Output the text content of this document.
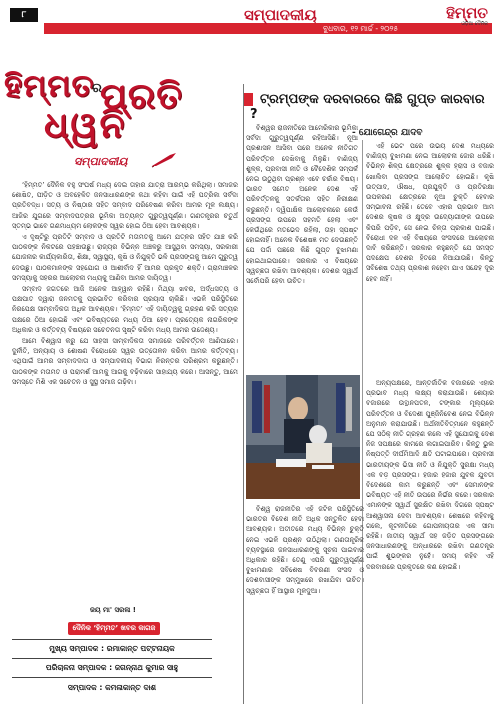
୮	ସମ୍ପାଦକୀୟ
ବୁଧବାର, ୧୨ ମାର୍ଚ୍ଚ - ୨୦୨୫
ହିମ୍ମତ
ଓଡ଼ିଆ ଦୈନିକ
ହିମ୍ମତ
ର
ପ୍ରତି
ଧ୍ୱନି
ସମ୍ପାଦକୀୟ

‘ହିମ୍ମତ’ ଦୈନିକ ବହୁ ସଂଘର୍ଷ ମଧ୍ୟ ଦେଇ ତାହାର ଯାତ୍ରା ଆରମ୍ଭ କରିଥିଲା। ସମାଜର ଶୋଷିତ, ପୀଡ଼ିତ ଓ ଅବହେଳିତ ଜନସାଧାରଣଙ୍କ କଥା କହିବା ପାଇଁ ଏହି ପତ୍ରିକା ସର୍ବଦା ପ୍ରତିବଦ୍ଧ। ସତ୍ୟ ଓ ନିଷ୍ଠାର ସହିତ ସମ୍ବାଦ ପରିବେଷଣ କରିବା ଆମର ମୂଳ ଲକ୍ଷ୍ୟ। ଆଜିର ଯୁଗରେ ସମ୍ବାଦପତ୍ରର ଭୂମିକା ଅତ୍ୟନ୍ତ ଗୁରୁତ୍ୱପୂର୍ଣ୍ଣ। ଗଣତନ୍ତ୍ରର ଚତୁର୍ଥ ସ୍ତମ୍ଭ ଭାବେ ଗଣମାଧ୍ୟମ ଲୋକଙ୍କ ସ୍ୱର ହୋଇ ଠିଆ ହେବା ଆବଶ୍ୟକ।

ଏ ଦୃଷ୍ଟିରୁ ପ୍ରତିଟି ସମ୍ବାଦ ଓ ପ୍ରତିଟି ମତାମତକୁ ଆମେ ଯତ୍ନର ସହିତ ଯାଞ୍ଚ କରି ପାଠକଙ୍କ ନିକଟରେ ପହଞ୍ଚାଉଛୁ। ରାଜ୍ୟର ବିଭିନ୍ନ ଅଞ୍ଚଳରୁ ଆସୁଥିବା ସମସ୍ୟା, ସରକାରୀ ଯୋଜନାର କାର୍ଯ୍ୟକାରିତା, ଶିକ୍ଷା, ସ୍ୱାସ୍ଥ୍ୟ, କୃଷି ଓ ନିଯୁକ୍ତି ଭଳି ପ୍ରସଙ୍ଗକୁ ଆମେ ଗୁରୁତ୍ୱ ଦେଉଛୁ। ପାଠକମାନଙ୍କ ସହଯୋଗ ଓ ଆଶୀର୍ବାଦ ହିଁ ଆମର ପ୍ରକୃତ ଶକ୍ତି। ଗ୍ରାମାଞ୍ଚଳର ସମସ୍ୟାକୁ ସହରର ଆଲୋଚନା ମଧ୍ୟକୁ ଆଣିବା ଆମର ଦାୟିତ୍ୱ।

ସମ୍ବାଦ ଜଗତରେ ଆଜି ଅନେକ ଆହ୍ୱାନ ରହିଛି। ମିଥ୍ୟା ଖବର, ଅର୍ଦ୍ଧସତ୍ୟ ଓ ପକ୍ଷପାତ ଦ୍ୱାରା ଜନମତକୁ ପ୍ରଭାବିତ କରିବାର ପ୍ରୟାସ ଚାଲିଛି। ଏଭଳି ପରିସ୍ଥିତିରେ ନିରପେକ୍ଷ ସାମ୍ବାଦିକତା ଅଧିକ ଆବଶ୍ୟକ। ‘ହିମ୍ମତ’ ଏହି ଦାୟିତ୍ୱକୁ ଗ୍ରହଣ କରି ସତ୍ୟର ପକ୍ଷରେ ଠିଆ ହୋଇଛି ଏବଂ ଭବିଷ୍ୟତରେ ମଧ୍ୟ ଠିଆ ହେବ। ପ୍ରତ୍ୟେକ ନାଗରିକଙ୍କ ଅଧିକାର ଓ କର୍ତ୍ତବ୍ୟ ବିଷୟରେ ସଚେତନତା ସୃଷ୍ଟି କରିବା ମଧ୍ୟ ଆମର ଉଦ୍ଦେଶ୍ୟ।

ଆମେ ବିଶ୍ୱାସ କରୁ ଯେ ସାହସୀ ସାମ୍ବାଦିକତା ସମାଜରେ ପରିବର୍ତ୍ତନ ଆଣିପାରେ। ଦୁର୍ନୀତି, ଅନ୍ୟାୟ ଓ ଶୋଷଣ ବିରୋଧରେ ସ୍ୱର ଉତ୍ତୋଳନ କରିବା ଆମର କର୍ତ୍ତବ୍ୟ। ଏଥିପାଇଁ ଆମର ସମ୍ବାଦଦାତା ଓ ସମ୍ପାଦକୀୟ ବିଭାଗ ନିରନ୍ତର ପରିଶ୍ରମ କରୁଛନ୍ତି। ପାଠକଙ୍କ ମତାମତ ଓ ପରାମର୍ଶ ଆମକୁ ଆଗକୁ ବଢ଼ିବାରେ ସାହାଯ୍ୟ କରେ। ଆସନ୍ତୁ, ଆମେ ସମସ୍ତେ ମିଶି ଏକ ସଚେତନ ଓ ସୁସ୍ଥ ସମାଜ ଗଢ଼ିବା।

ଜୟ ମା' ସରଳା !
ଦୈନିକ ‘ହିମ୍ମତ’ ଖବର କାଗଜ
ମୁଖ୍ୟ ସମ୍ପାଦକ : ରମାକାନ୍ତ ପଟ୍ଟନାୟକ
ପରିଚାଳନା ସମ୍ପାଦକ : ଜଗନ୍ନାଥ କୁମାର ସାହୁ
ସମ୍ପାଦକ : କମଳାକାନ୍ତ ଦାଶ
ଟ୍ରମ୍ପଙ୍କ ଦରବାରରେ କିଛି ଗୁପ୍ତ କାରବାର ?
- ଯୋଗେନ୍ଦ୍ର ଯାଦବ

ବିଶ୍ୱର ରାଜନୀତିରେ ଆମେରିକାର ଭୂମିକା ସର୍ବଦା ଗୁରୁତ୍ୱପୂର୍ଣ୍ଣ ରହିଆସିଛି। ନୂଆ ପ୍ରଶାସନ ଆସିବା ପରେ ଅନେକ ନୀତିଗତ ପରିବର୍ତ୍ତନ ଦେଖିବାକୁ ମିଳୁଛି। ବାଣିଜ୍ୟ ଶୁଳ୍କ, ପ୍ରବାସୀ ନୀତି ଓ ବୈଦେଶିକ ସମ୍ପର୍କ ନେଇ ଉଠୁଥିବା ପ୍ରଶ୍ନ ଏବେ ଚର୍ଚ୍ଚାର ବିଷୟ। ଭାରତ ସମେତ ଅନେକ ଦେଶ ଏହି ପରିବର୍ତ୍ତନକୁ ସତର୍କତାର ସହିତ ନିରୀକ୍ଷଣ କରୁଛନ୍ତି। ଦ୍ୱିପାକ୍ଷିକ ଆଲୋଚନାରେ କେଉଁ ପ୍ରସଙ୍ଗ ଉପରେ ସହମତି ହେଲା ଏବଂ କେଉଁଥିରେ ମତଭେଦ ରହିଲା, ତାହା ସ୍ପଷ୍ଟ ହୋଇନାହିଁ। ଅନେକ ବିଶେଷଜ୍ଞ ମତ ଦେଉଛନ୍ତି ଯେ ପର୍ଦ୍ଦା ପଛରେ କିଛି ଗୁପ୍ତ ବୁଝାମଣା ହୋଇଥାଇପାରେ। ସରକାର ଏ ବିଷୟରେ ସ୍ୱଚ୍ଛତା ରଖିବା ଆବଶ୍ୟକ। ଦେଶର ସ୍ୱାର୍ଥ ସର୍ବୋପରି ହେବା ଉଚିତ।

ଏହି ଭେଟ ପରେ ଉଭୟ ଦେଶ ମଧ୍ୟରେ ବାଣିଜ୍ୟ ବୁଝାମଣା ନେଇ ଆଲୋଚନା ଜୋର ଧରିଛି। ବିଭିନ୍ନ ଶିଳ୍ପ କ୍ଷେତ୍ରରେ ଶୁଳ୍କ ହ୍ରାସ ଓ ବଜାର ଖୋଲିବା ପ୍ରସଙ୍ଗ ଆଲୋଚିତ ହୋଇଛି। କୃଷି ଉତ୍ପାଦ, ଔଷଧ, ପ୍ରଯୁକ୍ତି ଓ ପ୍ରତିରକ୍ଷା ଉପକରଣ କ୍ଷେତ୍ରରେ ନୂଆ ଚୁକ୍ତି ହେବାର ସମ୍ଭାବନା ରହିଛି। ତେବେ ଏହାର ପ୍ରଭାବ ଆମ ଦେଶର କୃଷକ ଓ କ୍ଷୁଦ୍ର ଉଦ୍ୟୋଗୀଙ୍କ ଉପରେ କିପରି ପଡ଼ିବ, ସେ ନେଇ ଚିନ୍ତା ପ୍ରକାଶ ପାଇଛି। ବିରୋଧୀ ଦଳ ଏହି ବିଷୟରେ ସଂସଦରେ ଆଲୋଚନା ଦାବି କରିଛନ୍ତି। ସରକାର କହୁଛନ୍ତି ଯେ ସମସ୍ତ ପଦକ୍ଷେପ ଦେଶର ହିତରେ ନିଆଯାଉଛି। କିନ୍ତୁ ସବିଶେଷ ତଥ୍ୟ ପ୍ରକାଶ ନହେବା ଯାଏ ସନ୍ଦେହ ଦୂର ହେବ ନାହିଁ।

ବିଶ୍ୱ ରାଜନୀତିର ଏହି ଜଟିଳ ପରିସ୍ଥିତିରେ ଭାରତର ବିଦେଶ ନୀତି ଅଧିକ ସନ୍ତୁଳିତ ହେବା ଆବଶ୍ୟକ। ଅତୀତରେ ମଧ୍ୟ ବିଭିନ୍ନ ଚୁକ୍ତି ନେଇ ଏଭଳି ପ୍ରଶ୍ନ ଉଠିଥିଲା। ଗଣତାନ୍ତ୍ରିକ ବ୍ୟବସ୍ଥାରେ ଜନସାଧାରଣଙ୍କୁ ସୂଚନା ପାଇବାର ଅଧିକାର ରହିଛି। ତେଣୁ ଏପରି ଗୁରୁତ୍ୱପୂର୍ଣ୍ଣ ବୁଝାମଣାର ସବିଶେଷ ବିବରଣୀ ସଂସଦ ଓ ଦେଶବାସୀଙ୍କ ସମ୍ମୁଖରେ ରଖାଯିବା ଉଚିତ। ସ୍ୱଚ୍ଛତା ହିଁ ଆସ୍ଥାର ମୂଳଦୁଆ।

ଅନ୍ୟପକ୍ଷରେ, ଆନ୍ତର୍ଜାତିକ ବଜାରରେ ଏହାର ପ୍ରଭାବ ମଧ୍ୟ ଲକ୍ଷ୍ୟ କରାଯାଉଛି। ଶେୟାର ବଜାରରେ ଉତ୍ଥାନପତନ, ଟଙ୍କାର ମୂଲ୍ୟରେ ପରିବର୍ତ୍ତନ ଓ ବିଦେଶୀ ପୁଞ୍ଜିନିବେଶ ନେଇ ବିଭିନ୍ନ ଅନୁମାନ କରାଯାଉଛି। ଅର୍ଥନୀତିବିତ୍‌ମାନେ କହୁଛନ୍ତି ଯେ ସଠିକ୍ ନୀତି ଗ୍ରହଣ କଲେ ଏହି ସୁଯୋଗକୁ ଦେଶ ନିଜ ସପକ୍ଷରେ କାମରେ ଲଗାଇପାରିବ। କିନ୍ତୁ ଭୁଲ ନିଷ୍ପତ୍ତି ଦୀର୍ଘମିଆଦି କ୍ଷତି ଘଟାଇପାରେ। ପ୍ରବାସୀ ଭାରତୀୟଙ୍କ ଭିସା ନୀତି ଓ ନିଯୁକ୍ତି ସୁରକ୍ଷା ମଧ୍ୟ ଏକ ବଡ଼ ପ୍ରସଙ୍ଗ। ହଜାର ହଜାର ଯୁବକ ଯୁବତୀ ବିଦେଶରେ କାମ କରୁଛନ୍ତି ଏବଂ ସେମାନଙ୍କ ଭବିଷ୍ୟତ ଏହି ନୀତି ଉପରେ ନିର୍ଭର କରେ। ସରକାର ଏମାନଙ୍କ ସ୍ୱାର୍ଥ ସୁରକ୍ଷିତ ରଖିବା ଦିଗରେ ସ୍ପଷ୍ଟ ଆଶ୍ୱାସନା ଦେବା ଆବଶ୍ୟକ। ଶେଷରେ କହିବାକୁ ଗଲେ, କୂଟନୀତିରେ ଗୋପନୀୟତାର ଏକ ସୀମା ରହିଛି। ଜାତୀୟ ସ୍ୱାର୍ଥ ସହ ଜଡ଼ିତ ପ୍ରସଙ୍ଗରେ ଜନସାଧାରଣଙ୍କୁ ଅନ୍ଧାରରେ ରଖିବା ଗଣତନ୍ତ୍ର ପାଇଁ ଶୁଭଙ୍କର ନୁହେଁ। ସମୟ କହିବ ଏହି ଦରବାରରେ ପ୍ରକୃତରେ କଣ ହୋଇଛି।
